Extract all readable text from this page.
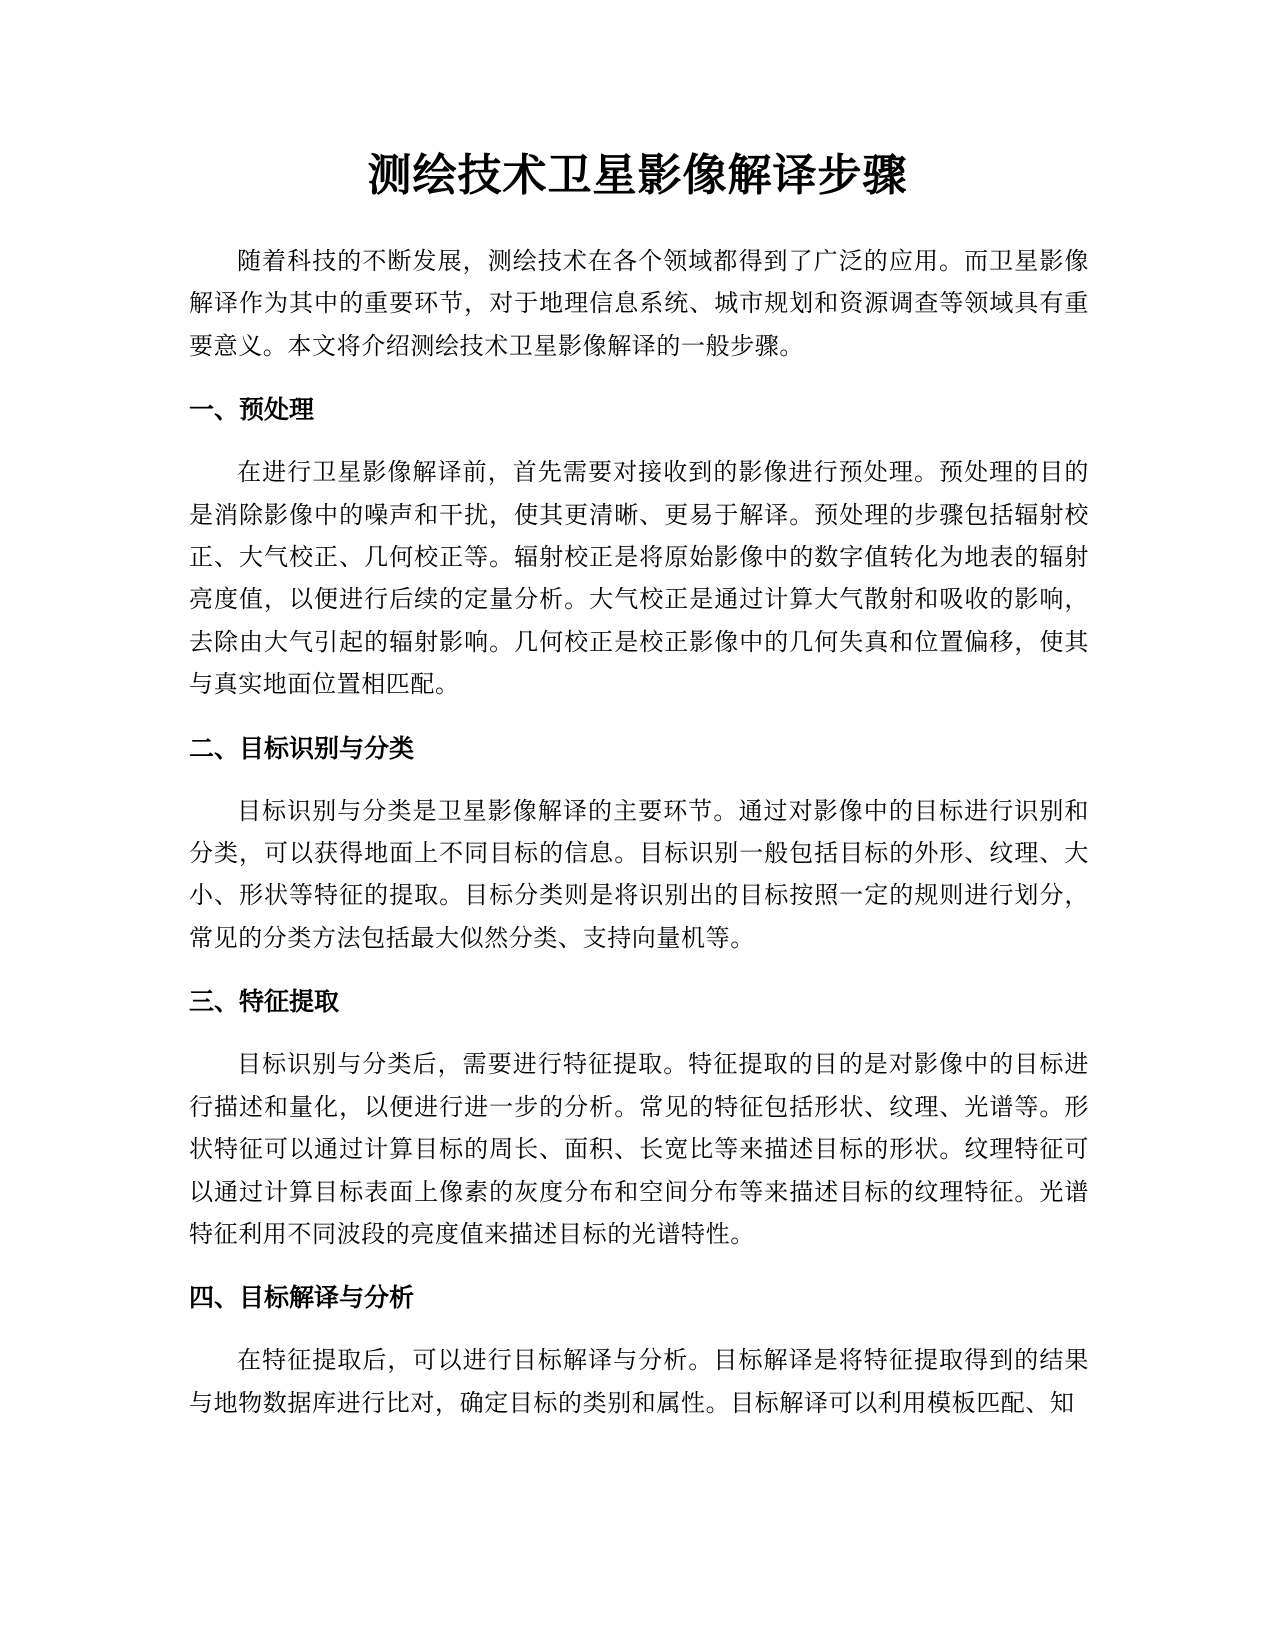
测绘技术卫星影像解译步骤

随着科技的不断发展，测绘技术在各个领域都得到了广泛的应用。而卫星影像解译作为其中的重要环节，对于地理信息系统、城市规划和资源调查等领域具有重要意义。本文将介绍测绘技术卫星影像解译的一般步骤。

一、预处理

在进行卫星影像解译前，首先需要对接收到的影像进行预处理。预处理的目的是消除影像中的噪声和干扰，使其更清晰、更易于解译。预处理的步骤包括辐射校正、大气校正、几何校正等。辐射校正是将原始影像中的数字值转化为地表的辐射亮度值，以便进行后续的定量分析。大气校正是通过计算大气散射和吸收的影响，去除由大气引起的辐射影响。几何校正是校正影像中的几何失真和位置偏移，使其与真实地面位置相匹配。

二、目标识别与分类

目标识别与分类是卫星影像解译的主要环节。通过对影像中的目标进行识别和分类，可以获得地面上不同目标的信息。目标识别一般包括目标的外形、纹理、大小、形状等特征的提取。目标分类则是将识别出的目标按照一定的规则进行划分，常见的分类方法包括最大似然分类、支持向量机等。

三、特征提取

目标识别与分类后，需要进行特征提取。特征提取的目的是对影像中的目标进行描述和量化，以便进行进一步的分析。常见的特征包括形状、纹理、光谱等。形状特征可以通过计算目标的周长、面积、长宽比等来描述目标的形状。纹理特征可以通过计算目标表面上像素的灰度分布和空间分布等来描述目标的纹理特征。光谱特征利用不同波段的亮度值来描述目标的光谱特性。

四、目标解译与分析

在特征提取后，可以进行目标解译与分析。目标解译是将特征提取得到的结果与地物数据库进行比对，确定目标的类别和属性。目标解译可以利用模板匹配、知
